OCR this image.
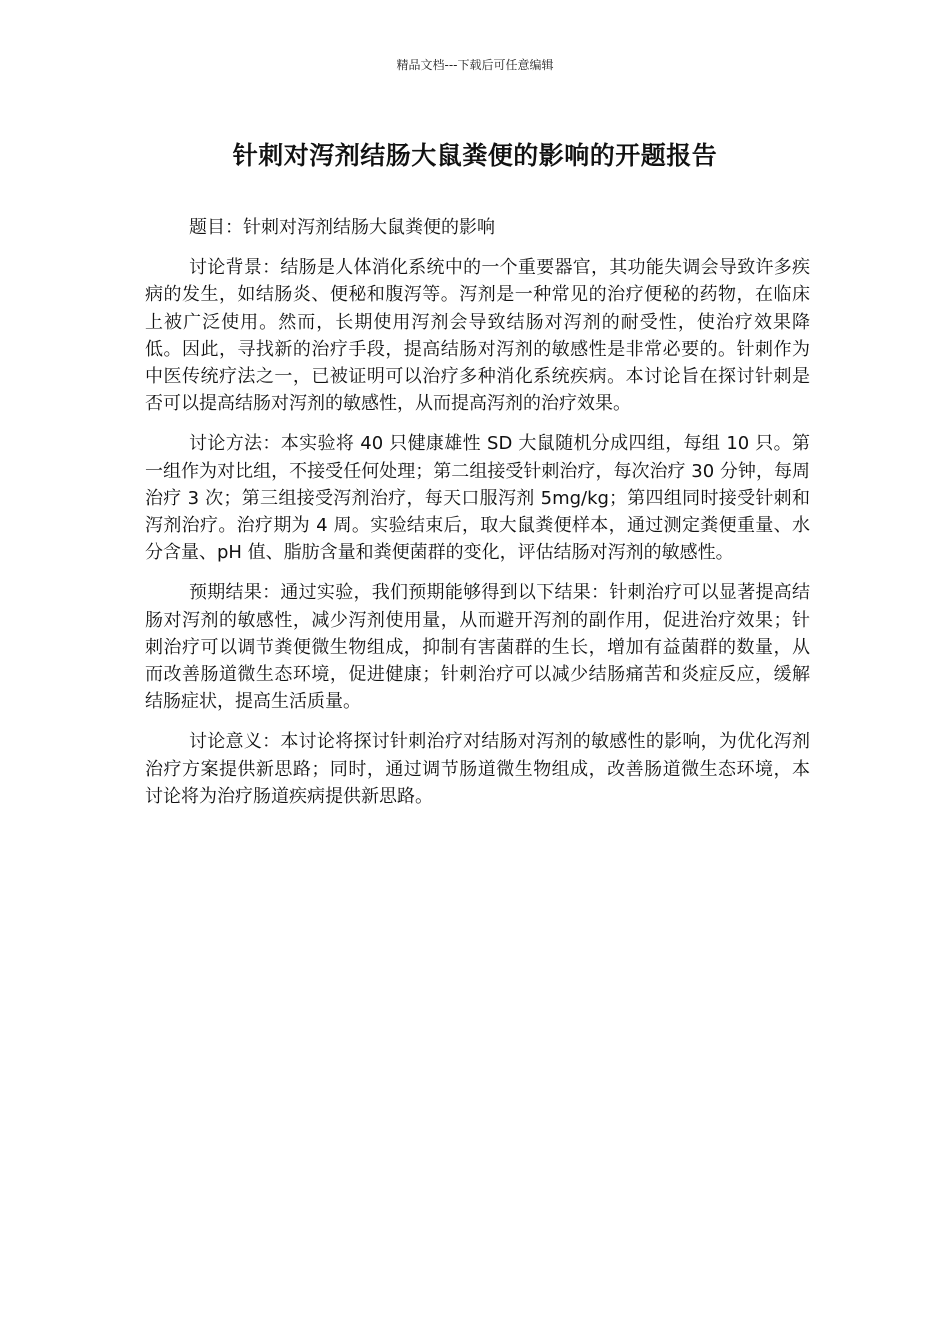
精品文档---下载后可任意编辑
针刺对泻剂结肠大鼠粪便的影响的开题报告

题目：针刺对泻剂结肠大鼠粪便的影响

讨论背景：结肠是人体消化系统中的一个重要器官，其功能失调会导致许多疾病的发生，如结肠炎、便秘和腹泻等。泻剂是一种常见的治疗便秘的药物，在临床上被广泛使用。然而，长期使用泻剂会导致结肠对泻剂的耐受性，使治疗效果降低。因此，寻找新的治疗手段，提高结肠对泻剂的敏感性是非常必要的。针刺作为中医传统疗法之一，已被证明可以治疗多种消化系统疾病。本讨论旨在探讨针刺是否可以提高结肠对泻剂的敏感性，从而提高泻剂的治疗效果。

讨论方法：本实验将 40 只健康雄性 SD 大鼠随机分成四组，每组 10 只。第一组作为对比组，不接受任何处理；第二组接受针刺治疗，每次治疗 30 分钟，每周治疗 3 次；第三组接受泻剂治疗，每天口服泻剂 5mg/kg；第四组同时接受针刺和泻剂治疗。治疗期为 4 周。实验结束后，取大鼠粪便样本，通过测定粪便重量、水分含量、pH 值、脂肪含量和粪便菌群的变化，评估结肠对泻剂的敏感性。

预期结果：通过实验，我们预期能够得到以下结果：针刺治疗可以显著提高结肠对泻剂的敏感性，减少泻剂使用量，从而避开泻剂的副作用，促进治疗效果；针刺治疗可以调节粪便微生物组成，抑制有害菌群的生长，增加有益菌群的数量，从而改善肠道微生态环境，促进健康；针刺治疗可以减少结肠痛苦和炎症反应，缓解结肠症状，提高生活质量。

讨论意义：本讨论将探讨针刺治疗对结肠对泻剂的敏感性的影响，为优化泻剂治疗方案提供新思路；同时，通过调节肠道微生物组成，改善肠道微生态环境，本讨论将为治疗肠道疾病提供新思路。
